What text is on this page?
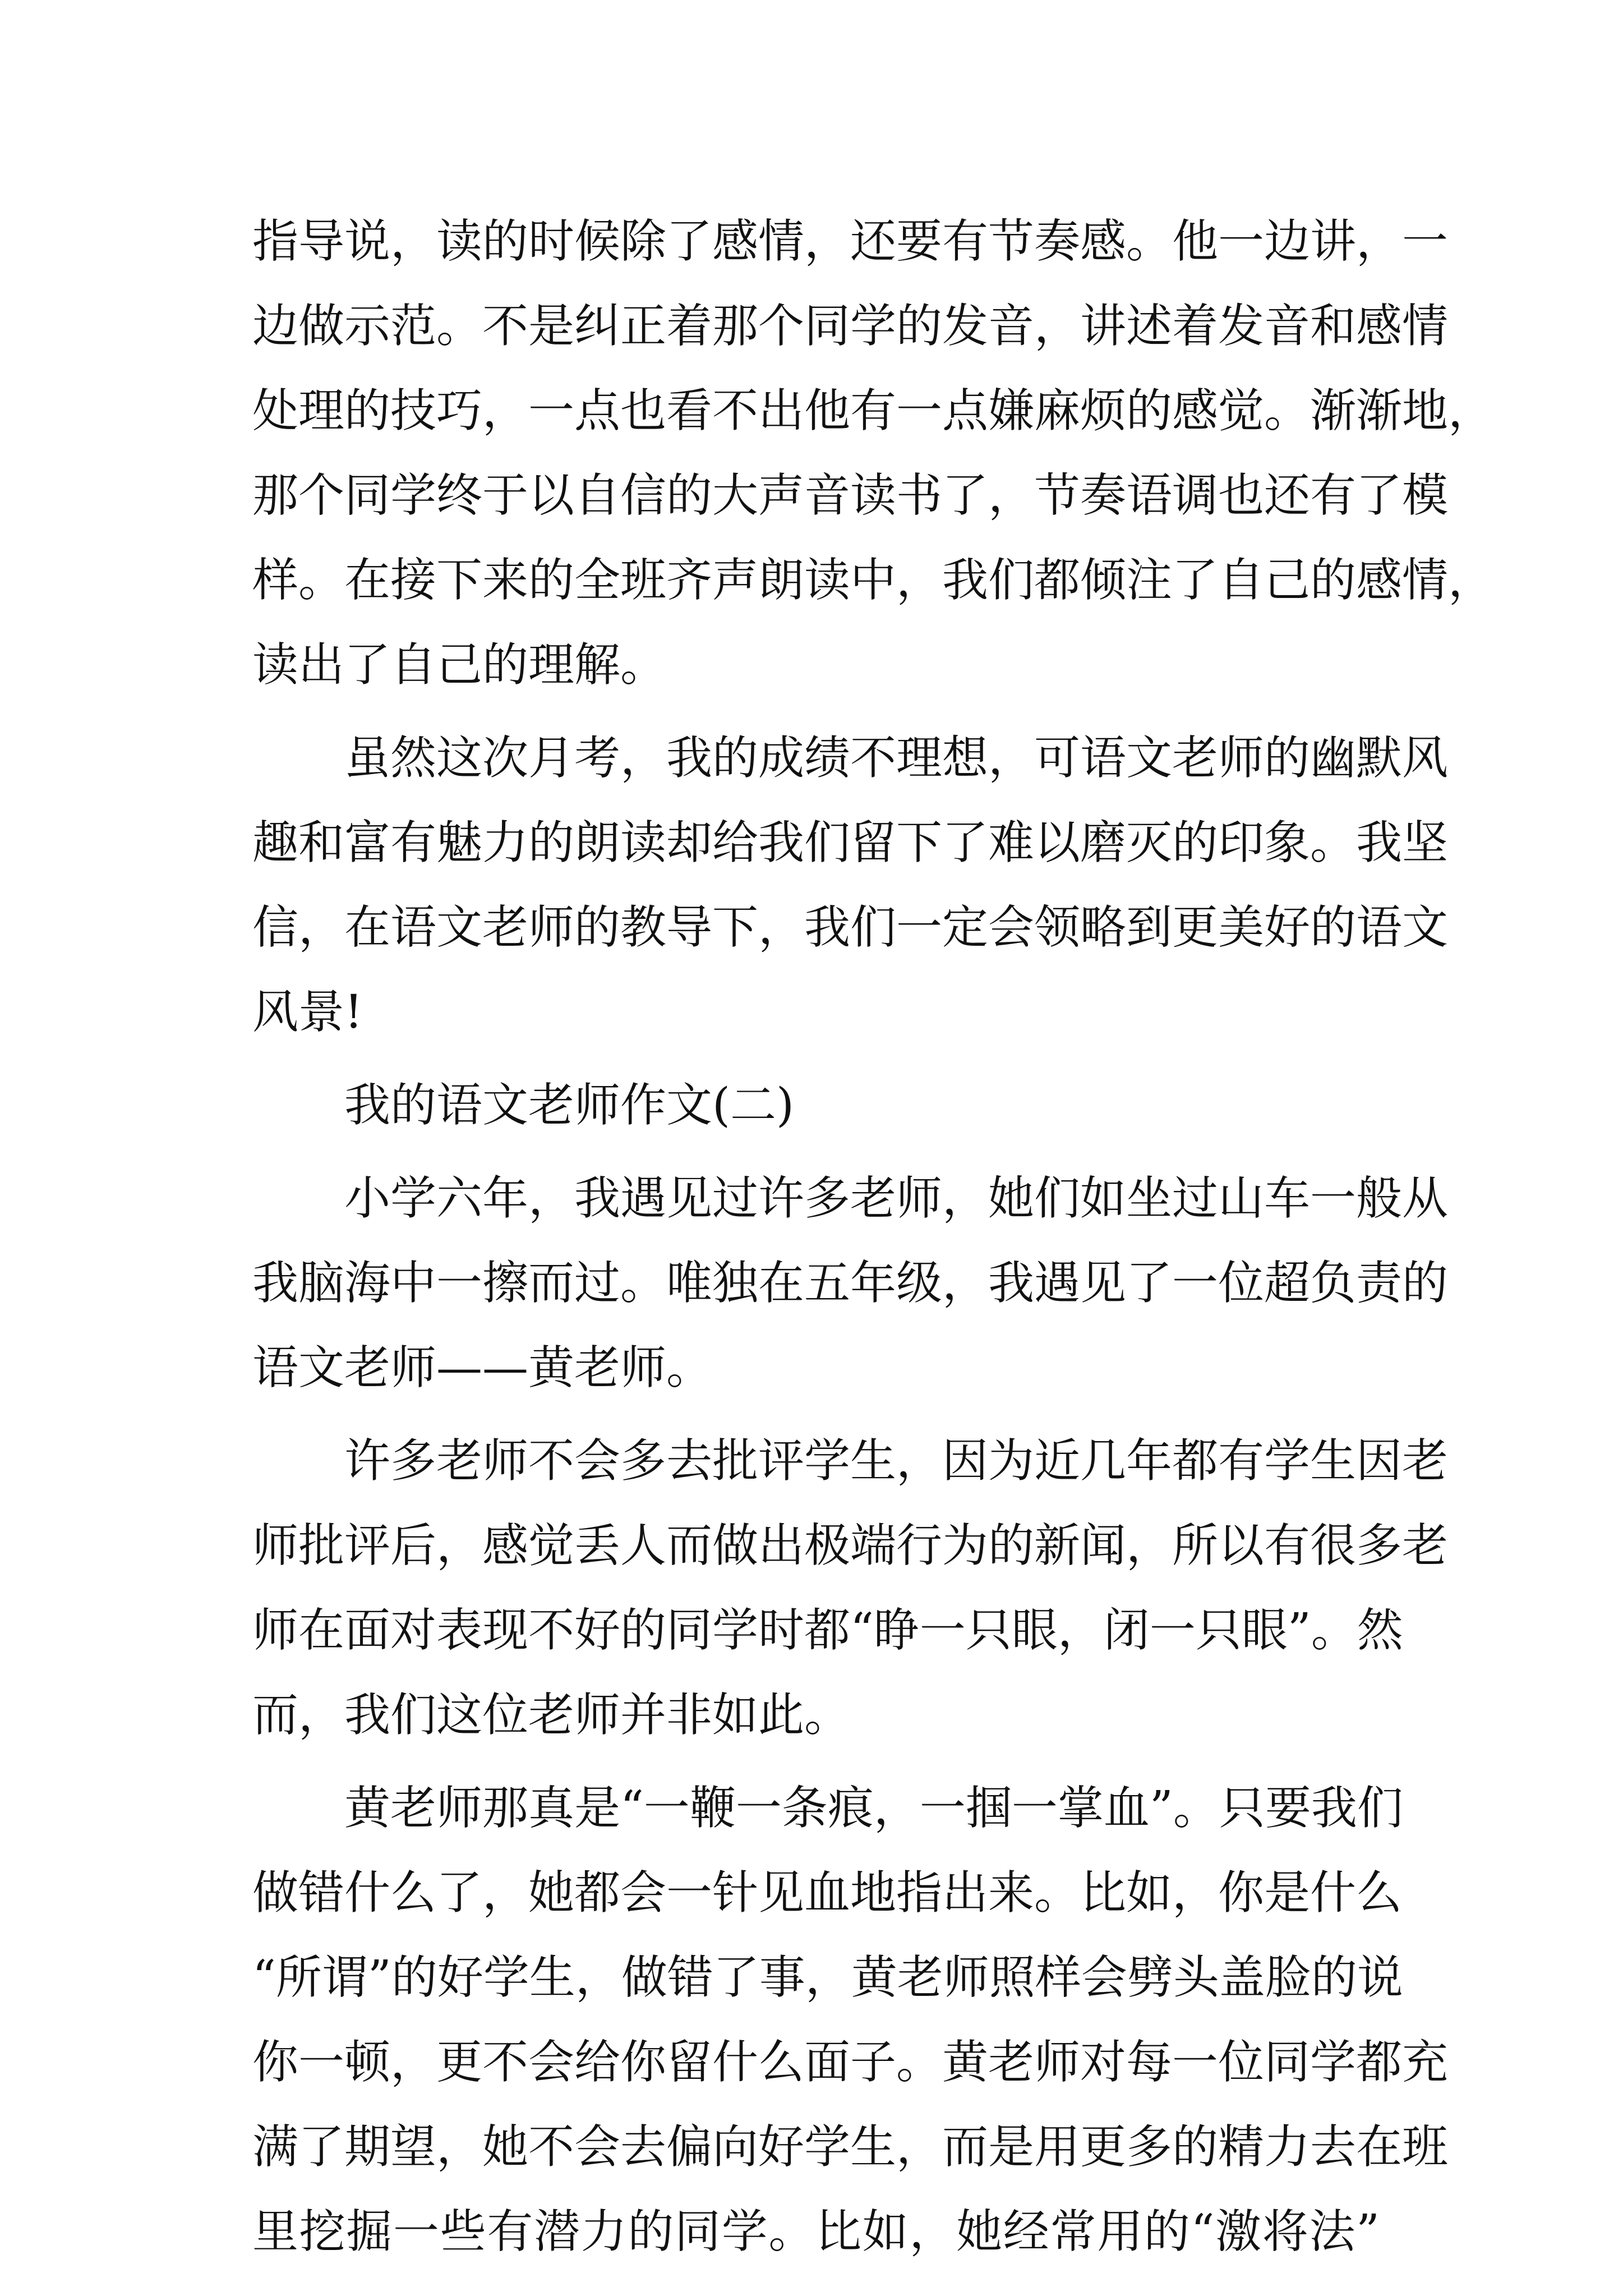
指导说，读的时候除了感情，还要有节奏感。他一边讲，一
边做示范。不是纠正着那个同学的发音，讲述着发音和感情
处理的技巧，一点也看不出他有一点嫌麻烦的感觉。渐渐地，
那个同学终于以自信的大声音读书了，节奏语调也还有了模
样。在接下来的全班齐声朗读中，我们都倾注了自己的感情，
读出了自己的理解。
虽然这次月考，我的成绩不理想，可语文老师的幽默风
趣和富有魅力的朗读却给我们留下了难以磨灭的印象。我坚
信，在语文老师的教导下，我们一定会领略到更美好的语文
风景!
我的语文老师作文(二)
小学六年，我遇见过许多老师，她们如坐过山车一般从
我脑海中一擦而过。唯独在五年级，我遇见了一位超负责的
语文老师——黄老师。
许多老师不会多去批评学生，因为近几年都有学生因老
师批评后，感觉丢人而做出极端行为的新闻，所以有很多老
师在面对表现不好的同学时都“睁一只眼，闭一只眼”。然
而，我们这位老师并非如此。
黄老师那真是“一鞭一条痕，一掴一掌血”。只要我们
做错什么了，她都会一针见血地指出来。比如，你是什么
“所谓”的好学生，做错了事，黄老师照样会劈头盖脸的说
你一顿，更不会给你留什么面子。黄老师对每一位同学都充
满了期望，她不会去偏向好学生，而是用更多的精力去在班
里挖掘一些有潜力的同学。比如，她经常用的“激将法”
